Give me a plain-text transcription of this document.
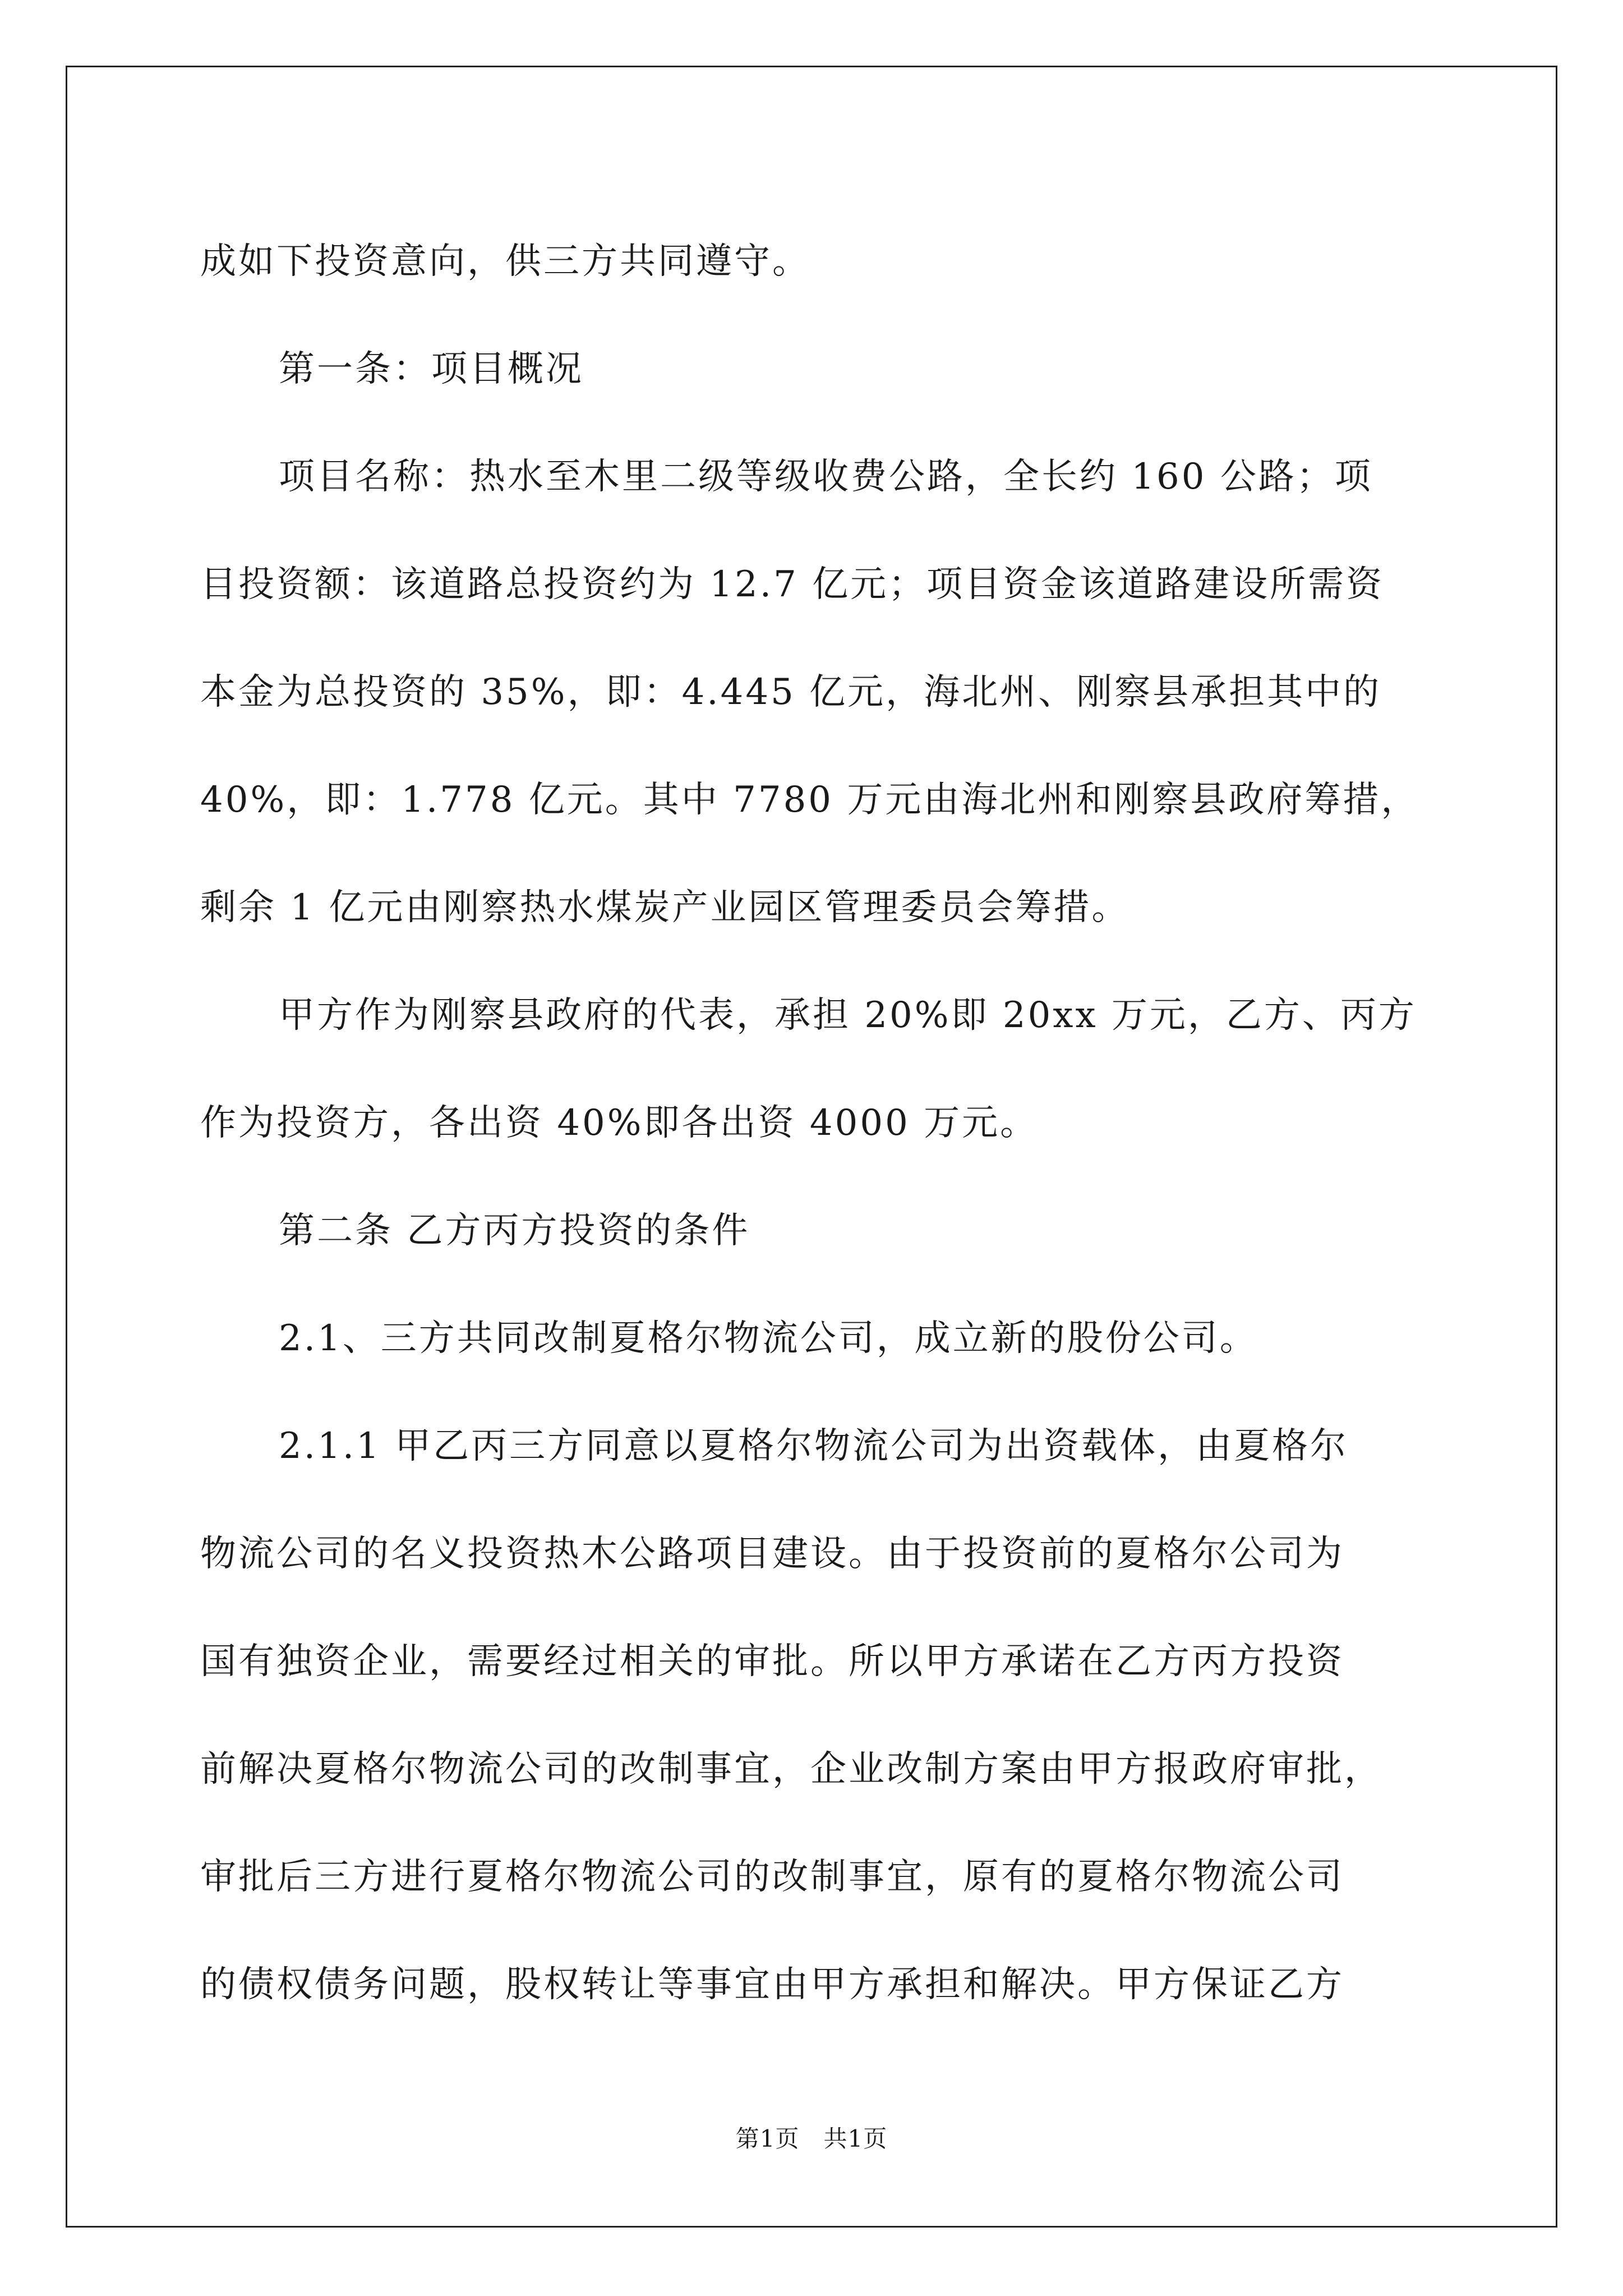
成如下投资意向，供三方共同遵守。

第一条：项目概况

项目名称：热水至木里二级等级收费公路，全长约 160 公路；项

目投资额：该道路总投资约为 12.7 亿元；项目资金该道路建设所需资

本金为总投资的 35%，即：4.445 亿元，海北州、刚察县承担其中的

40%，即：1.778 亿元。其中 7780 万元由海北州和刚察县政府筹措，

剩余 1 亿元由刚察热水煤炭产业园区管理委员会筹措。

甲方作为刚察县政府的代表，承担 20%即 20xx 万元，乙方、丙方

作为投资方，各出资 40%即各出资 4000 万元。

第二条 乙方丙方投资的条件

2.1、三方共同改制夏格尔物流公司，成立新的股份公司。

2.1.1 甲乙丙三方同意以夏格尔物流公司为出资载体，由夏格尔

物流公司的名义投资热木公路项目建设。由于投资前的夏格尔公司为

国有独资企业，需要经过相关的审批。所以甲方承诺在乙方丙方投资

前解决夏格尔物流公司的改制事宜，企业改制方案由甲方报政府审批，

审批后三方进行夏格尔物流公司的改制事宜，原有的夏格尔物流公司

的债权债务问题，股权转让等事宜由甲方承担和解决。甲方保证乙方

第1页   共1页
